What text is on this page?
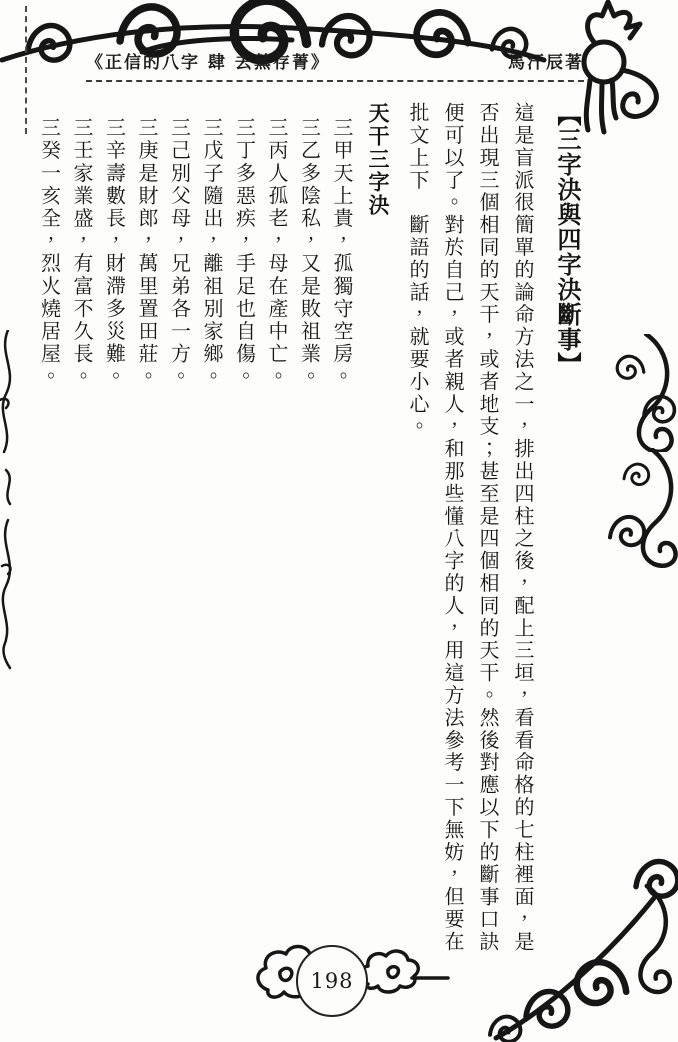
《正信的八字 肆 去蕪存菁》	馬汗辰著
【三字決與四字決斷事】
這是盲派很簡單的論命方法之一，排出四柱之後，配上三垣，看看命格的七柱裡面，是
否出現三個相同的天干，或者地支；甚至是四個相同的天干。然後對應以下的斷事口訣
便可以了。對於自己，或者親人，和那些懂八字的人，用這方法參考一下無妨，但要在
批文上下　斷語的話，就要小心。
天干三字決
三甲天上貴，孤獨守空房。
三乙多陰私，又是敗祖業。
三丙人孤老，母在產中亡。
三丁多惡疾，手足也自傷。
三戊子隨出，離祖別家鄉。
三己別父母，兄弟各一方。
三庚是財郎，萬里置田莊。
三辛壽數長，財滯多災難。
三壬家業盛，有富不久長。
三癸一亥全，烈火燒居屋。
198
